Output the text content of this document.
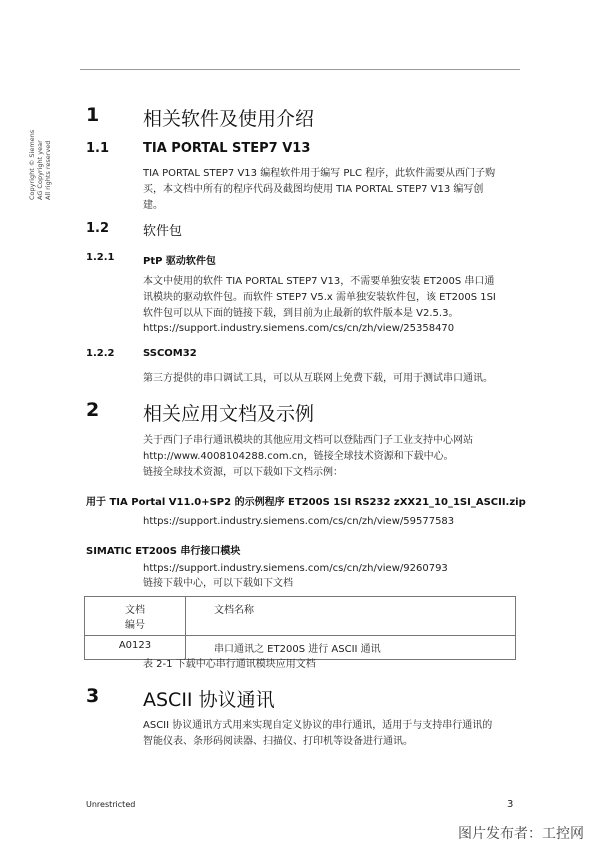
Copyright © Siemens AG Copyright year All rights reserved
1 相关软件及使用介绍
1.1	TIA PORTAL STEP7 V13
TIA PORTAL STEP7 V13 编程软件用于编写 PLC 程序，此软件需要从西门子购
买，本文档中所有的程序代码及截图均使用 TIA PORTAL STEP7 V13 编写创
建。
1.2	软件包
1.2.1	PtP 驱动软件包
本文中使用的软件 TIA PORTAL STEP7 V13，不需要单独安装 ET200S 串口通
讯模块的驱动软件包。而软件 STEP7 V5.x 需单独安装软件包，该 ET200S 1SI
软件包可以从下面的链接下载，到目前为止最新的软件版本是 V2.5.3。
https://support.industry.siemens.com/cs/cn/zh/view/25358470
1.2.2	SSCOM32
第三方提供的串口调试工具，可以从互联网上免费下载，可用于测试串口通讯。
2 相关应用文档及示例
关于西门子串行通讯模块的其他应用文档可以登陆西门子工业支持中心网站
http://www.4008104288.com.cn，链接全球技术资源和下载中心。
链接全球技术资源，可以下载如下文档示例：
用于 TIA Portal V11.0+SP2 的示例程序 ET200S 1SI RS232 zXX21_10_1SI_ASCII.zip
https://support.industry.siemens.com/cs/cn/zh/view/59577583
SIMATIC ET200S 串行接口模块
https://support.industry.siemens.com/cs/cn/zh/view/9260793
链接下载中心，可以下载如下文档
文档
编号	文档名称
A0123	串口通讯之 ET200S 进行 ASCII 通讯
表 2-1 下载中心串行通讯模块应用文档
3 ASCII 协议通讯
ASCII 协议通讯方式用来实现自定义协议的串行通讯，适用于与支持串行通讯的
智能仪表、条形码阅读器、扫描仪、打印机等设备进行通讯。
Unrestricted	3
图片发布者：工控网
